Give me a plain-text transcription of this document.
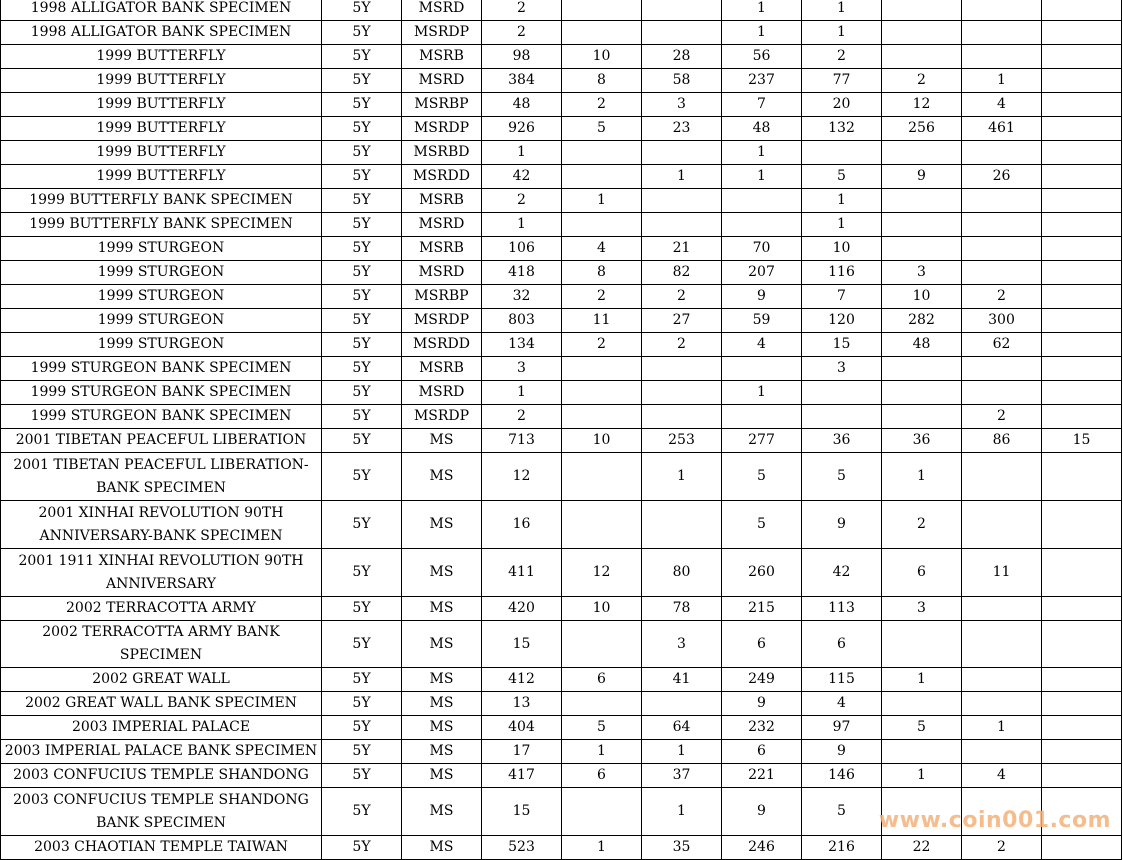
1998 ALLIGATOR BANK SPECIMEN	5Y	MSRD	2			1	1			
1998 ALLIGATOR BANK SPECIMEN	5Y	MSRDP	2			1	1			
1999 BUTTERFLY	5Y	MSRB	98	10	28	56	2			
1999 BUTTERFLY	5Y	MSRD	384	8	58	237	77	2	1	
1999 BUTTERFLY	5Y	MSRBP	48	2	3	7	20	12	4	
1999 BUTTERFLY	5Y	MSRDP	926	5	23	48	132	256	461	
1999 BUTTERFLY	5Y	MSRBD	1			1				
1999 BUTTERFLY	5Y	MSRDD	42		1	1	5	9	26	
1999 BUTTERFLY BANK SPECIMEN	5Y	MSRB	2	1			1			
1999 BUTTERFLY BANK SPECIMEN	5Y	MSRD	1				1			
1999 STURGEON	5Y	MSRB	106	4	21	70	10			
1999 STURGEON	5Y	MSRD	418	8	82	207	116	3		
1999 STURGEON	5Y	MSRBP	32	2	2	9	7	10	2	
1999 STURGEON	5Y	MSRDP	803	11	27	59	120	282	300	
1999 STURGEON	5Y	MSRDD	134	2	2	4	15	48	62	
1999 STURGEON BANK SPECIMEN	5Y	MSRB	3				3			
1999 STURGEON BANK SPECIMEN	5Y	MSRD	1			1				
1999 STURGEON BANK SPECIMEN	5Y	MSRDP	2						2	
2001 TIBETAN PEACEFUL LIBERATION	5Y	MS	713	10	253	277	36	36	86	15
2001 TIBETAN PEACEFUL LIBERATION-BANK SPECIMEN	5Y	MS	12		1	5	5	1		
2001 XINHAI REVOLUTION 90TH ANNIVERSARY-BANK SPECIMEN	5Y	MS	16			5	9	2		
2001 1911 XINHAI REVOLUTION 90TH ANNIVERSARY	5Y	MS	411	12	80	260	42	6	11	
2002 TERRACOTTA ARMY	5Y	MS	420	10	78	215	113	3		
2002 TERRACOTTA ARMY BANK SPECIMEN	5Y	MS	15		3	6	6			
2002 GREAT WALL	5Y	MS	412	6	41	249	115	1		
2002 GREAT WALL BANK SPECIMEN	5Y	MS	13			9	4			
2003 IMPERIAL PALACE	5Y	MS	404	5	64	232	97	5	1	
2003 IMPERIAL PALACE BANK SPECIMEN	5Y	MS	17	1	1	6	9			
2003 CONFUCIUS TEMPLE SHANDONG	5Y	MS	417	6	37	221	146	1	4	
2003 CONFUCIUS TEMPLE SHANDONG BANK SPECIMEN	5Y	MS	15		1	9	5			
2003 CHAOTIAN TEMPLE TAIWAN	5Y	MS	523	1	35	246	216	22	2	
www.coin001.com
